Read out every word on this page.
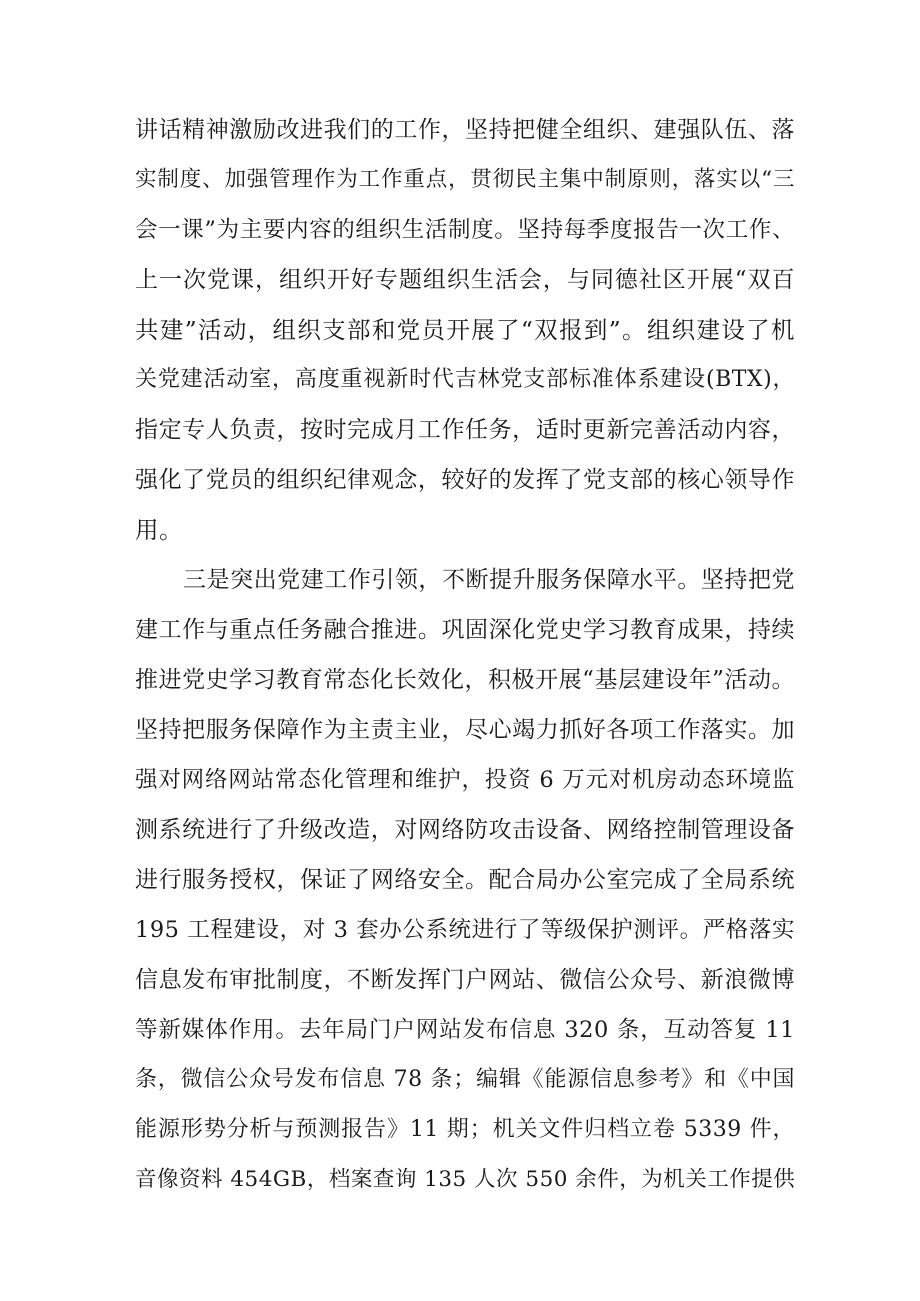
讲话精神激励改进我们的工作，坚持把健全组织、建强队伍、落
实制度、加强管理作为工作重点，贯彻民主集中制原则，落实以“三
会一课”为主要内容的组织生活制度。坚持每季度报告一次工作、
上一次党课，组织开好专题组织生活会，与同德社区开展“双百
共建”活动，组织支部和党员开展了“双报到”。组织建设了机
关党建活动室，高度重视新时代吉林党支部标准体系建设(BTX)，
指定专人负责，按时完成月工作任务，适时更新完善活动内容，
强化了党员的组织纪律观念，较好的发挥了党支部的核心领导作
用。
三是突出党建工作引领，不断提升服务保障水平。坚持把党
建工作与重点任务融合推进。巩固深化党史学习教育成果，持续
推进党史学习教育常态化长效化，积极开展“基层建设年”活动。
坚持把服务保障作为主责主业，尽心竭力抓好各项工作落实。加
强对网络网站常态化管理和维护，投资 6 万元对机房动态环境监
测系统进行了升级改造，对网络防攻击设备、网络控制管理设备
进行服务授权，保证了网络安全。配合局办公室完成了全局系统
195 工程建设，对 3 套办公系统进行了等级保护测评。严格落实
信息发布审批制度，不断发挥门户网站、微信公众号、新浪微博
等新媒体作用。去年局门户网站发布信息 320 条，互动答复 11
条，微信公众号发布信息 78 条；编辑《能源信息参考》和《中国
能源形势分析与预测报告》11 期；机关文件归档立卷 5339 件，
音像资料 454GB，档案查询 135 人次 550 余件，为机关工作提供
